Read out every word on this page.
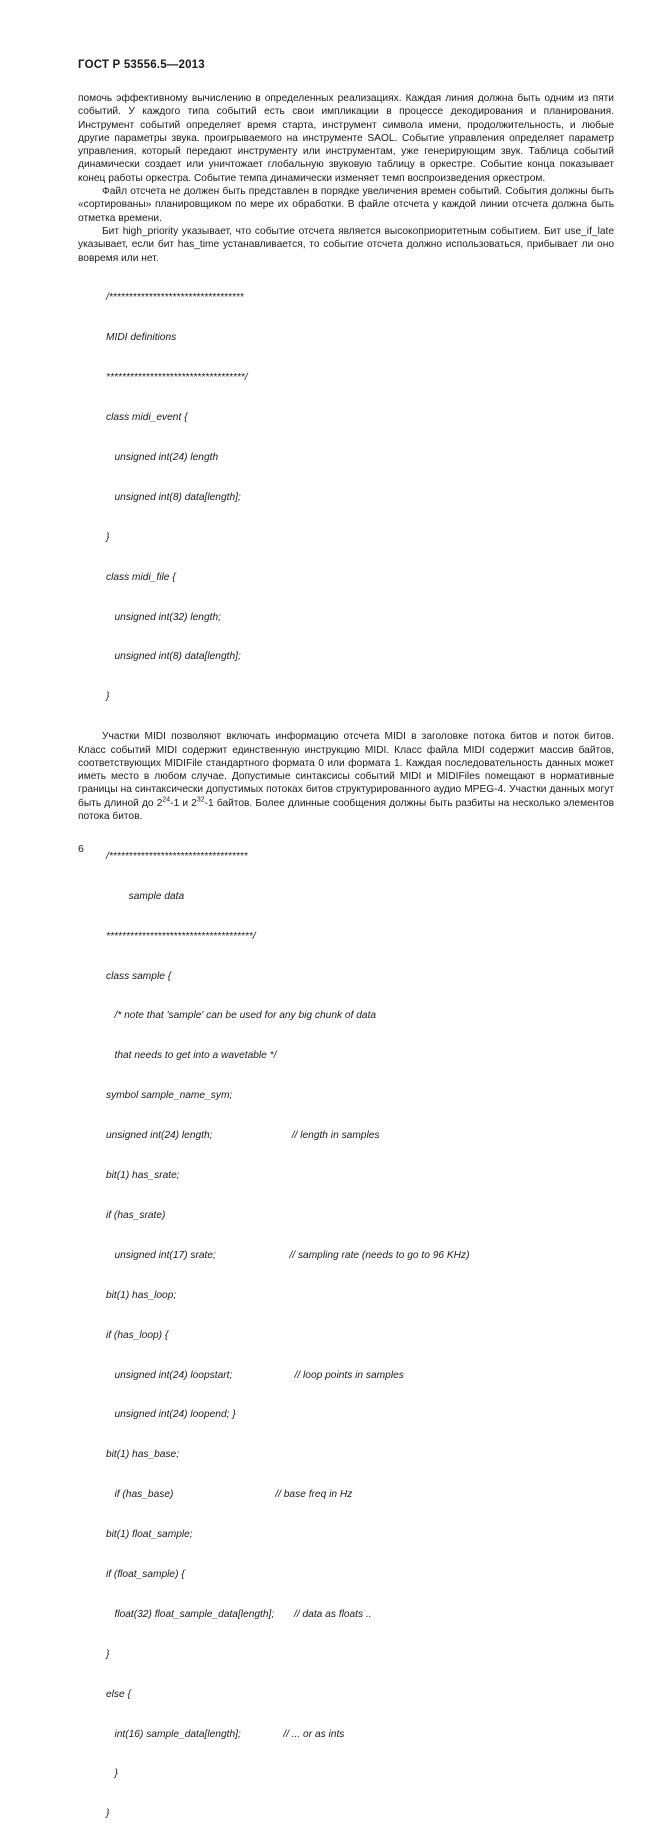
ГОСТ Р 53556.5—2013

помочь эффективному вычислению в определенных реализациях. Каждая линия должна быть одним из пяти событий. У каждого типа событий есть свои импликации в процессе декодирования и планирования. Инструмент событий определяет время старта, инструмент символа имени, продолжительность, и любые другие параметры звука. проигрываемого на инструменте SAOL. Событие управления определяет параметр управления, который передают инструменту или инструментам, уже генерирующим звук. Таблица событий динамически создает или уничтожает глобальную звуковую таблицу в оркестре. Событие конца показывает конец работы оркестра. Событие темпа динамически изменяет темп воспроизведения оркестром.

Файл отсчета не должен быть представлен в порядке увеличения времен событий. События должны быть «сортированы» планировщиком по мере их обработки. В файле отсчета у каждой линии отсчета должна быть отметка времени.

Бит high_priority указывает, что событие отсчета является высокоприоритетным событием. Бит use_if_late указывает, если бит has_time устанавливается, то событие отсчета должно использоваться, прибывает ли оно вовремя или нет.

/**********************************

MIDI definitions

***********************************/

class midi_event {

unsigned int(24) length

unsigned int(8) data[length];

}

class midi_file {

unsigned int(32) length;

unsigned int(8) data[length];

}

Участки MIDI позволяют включать информацию отсчета MIDI в заголовке потока битов и поток битов. Класс событий MIDI содержит единственную инструкцию MIDI. Класс файла MIDI содержит массив байтов, соответствующих MIDIFile стандартного формата 0 или формата 1. Каждая последовательность данных может иметь место в любом случае. Допустимые синтаксисы событий MIDI и MIDIFiles помещают в нормативные границы на синтаксически допустимых потоках битов структурированного аудио MPEG-4. Участки данных могут быть длиной до $2^{24}-1$ и $2^{32}-1$ байтов. Более длинные сообщения должны быть разбиты на несколько элементов потока битов.

/***********************************

sample data

*************************************/

class sample {

/* note that 'sample' can be used for any big chunk of data

that needs to get into a wavetable */

symbol sample_name_sym;

unsigned int(24) length;                            // length in samples

bit(1) has_srate;

if (has_srate)

unsigned int(17) srate;                          // sampling rate (needs to go to 96 KHz)

bit(1) has_loop;

if (has_loop) {

unsigned int(24) loopstart;                      // loop points in samples

unsigned int(24) loopend; }

bit(1) has_base;

if (has_base)                                    // base freq in Hz

bit(1) float_sample;

if (float_sample) {

float(32) float_sample_data[length];       // data as floats ..

}

else {

int(16) sample_data[length];               // ... or as ints

}

}

6
